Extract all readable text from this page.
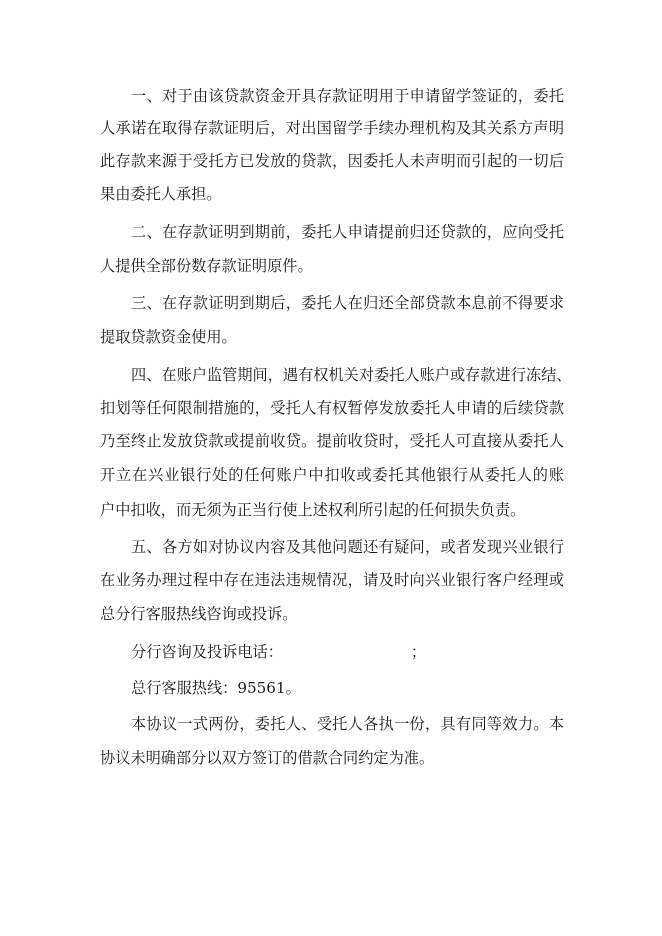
一、对于由该贷款资金开具存款证明用于申请留学签证的，委托
人承诺在取得存款证明后，对出国留学手续办理机构及其关系方声明
此存款来源于受托方已发放的贷款，因委托人未声明而引起的一切后
果由委托人承担。
二、在存款证明到期前，委托人申请提前归还贷款的，应向受托
人提供全部份数存款证明原件。
三、在存款证明到期后，委托人在归还全部贷款本息前不得要求
提取贷款资金使用。
四、在账户监管期间，遇有权机关对委托人账户或存款进行冻结、
扣划等任何限制措施的，受托人有权暂停发放委托人申请的后续贷款
乃至终止发放贷款或提前收贷。提前收贷时，受托人可直接从委托人
开立在兴业银行处的任何账户中扣收或委托其他银行从委托人的账
户中扣收，而无须为正当行使上述权利所引起的任何损失负责。
五、各方如对协议内容及其他问题还有疑问，或者发现兴业银行
在业务办理过程中存在违法违规情况，请及时向兴业银行客户经理或
总分行客服热线咨询或投诉。
分行咨询及投诉电话：	；
总行客服热线：95561。
本协议一式两份，委托人、受托人各执一份，具有同等效力。本
协议未明确部分以双方签订的借款合同约定为准。
